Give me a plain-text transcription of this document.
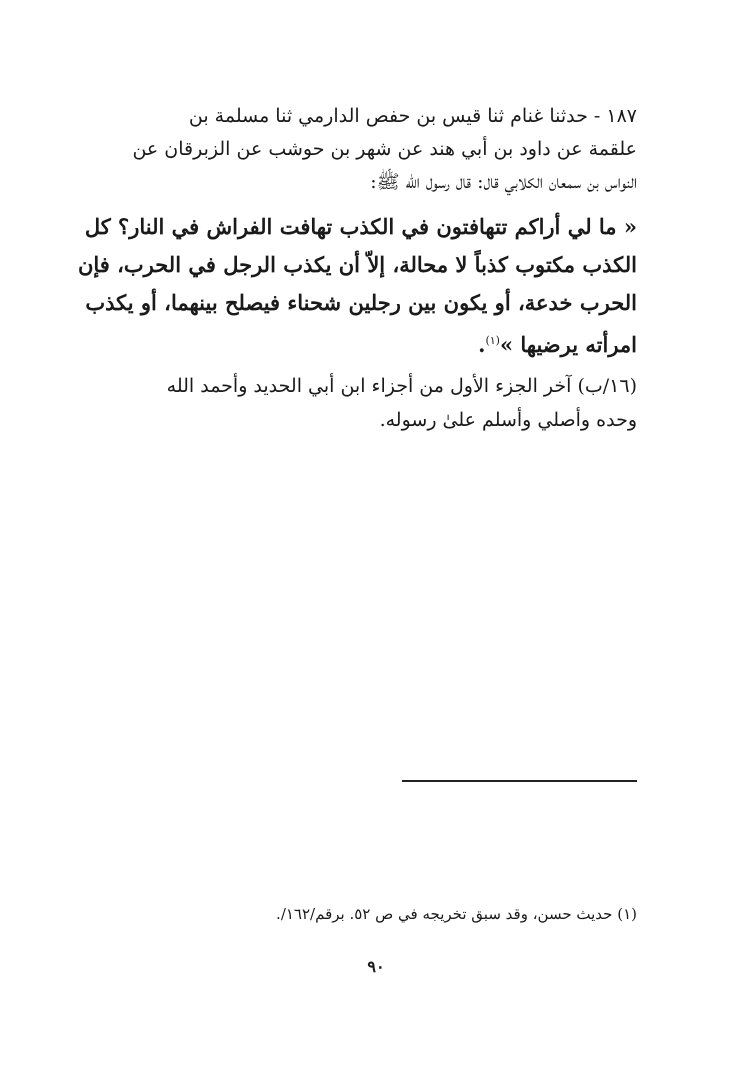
١٨٧ - حدثنا غنام ثنا قيس بن حفص الدارمي ثنا مسلمة بن
علقمة عن داود بن أبي هند عن شهر بن حوشب عن الزبرقان عن
النواس بن سمعان الكلابي قال: قال رسول الله ﷺ:
« ما لي أراكم تتهافتون في الكذب تهافت الفراش في النار؟ كل
الكذب مكتوب كذباً لا محالة، إلاّ أن يكذب الرجل في الحرب، فإن
الحرب خدعة، أو يكون بين رجلين شحناء فيصلح بينهما، أو يكذب
امرأته يرضيها »$^{(١)}$.
(١٦/ب) آخر الجزء الأول من أجزاء ابن أبي الحديد وأحمد الله
وحده وأصلي وأسلم علىٰ رسوله.
(١) حديث حسن، وقد سبق تخريجه في ص ٥٢. برقم/١٦٢/.
٩٠
